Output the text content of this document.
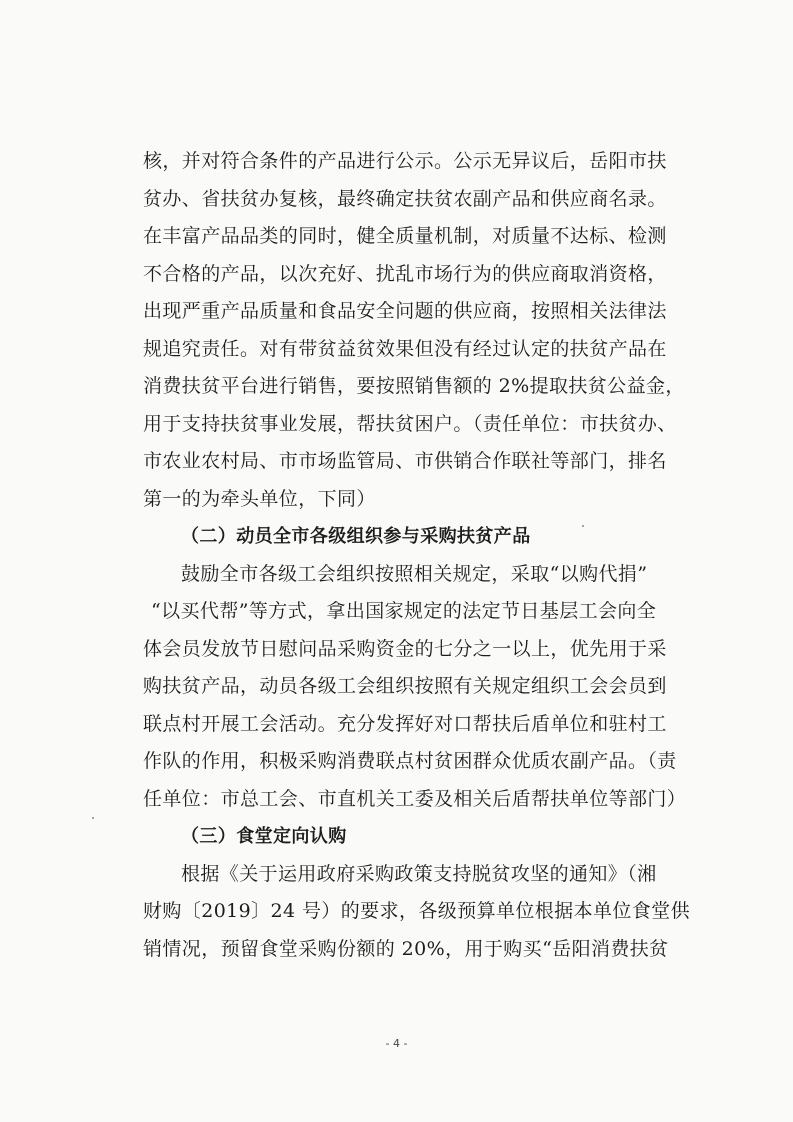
核，并对符合条件的产品进行公示。公示无异议后，岳阳市扶
贫办、省扶贫办复核，最终确定扶贫农副产品和供应商名录。
在丰富产品品类的同时，健全质量机制，对质量不达标、检测
不合格的产品，以次充好、扰乱市场行为的供应商取消资格，
出现严重产品质量和食品安全问题的供应商，按照相关法律法
规追究责任。对有带贫益贫效果但没有经过认定的扶贫产品在
消费扶贫平台进行销售，要按照销售额的 2%提取扶贫公益金，
用于支持扶贫事业发展，帮扶贫困户。（责任单位：市扶贫办、
市农业农村局、市市场监管局、市供销合作联社等部门，排名
第一的为牵头单位，下同）
（二）动员全市各级组织参与采购扶贫产品
鼓励全市各级工会组织按照相关规定，采取“以购代捐”
“以买代帮”等方式，拿出国家规定的法定节日基层工会向全
体会员发放节日慰问品采购资金的七分之一以上，优先用于采
购扶贫产品，动员各级工会组织按照有关规定组织工会会员到
联点村开展工会活动。充分发挥好对口帮扶后盾单位和驻村工
作队的作用，积极采购消费联点村贫困群众优质农副产品。（责
任单位：市总工会、市直机关工委及相关后盾帮扶单位等部门）
（三）食堂定向认购
根据《关于运用政府采购政策支持脱贫攻坚的通知》（湘
财购〔2019〕24 号）的要求，各级预算单位根据本单位食堂供
销情况，预留食堂采购份额的 20%，用于购买“岳阳消费扶贫
- 4 -
